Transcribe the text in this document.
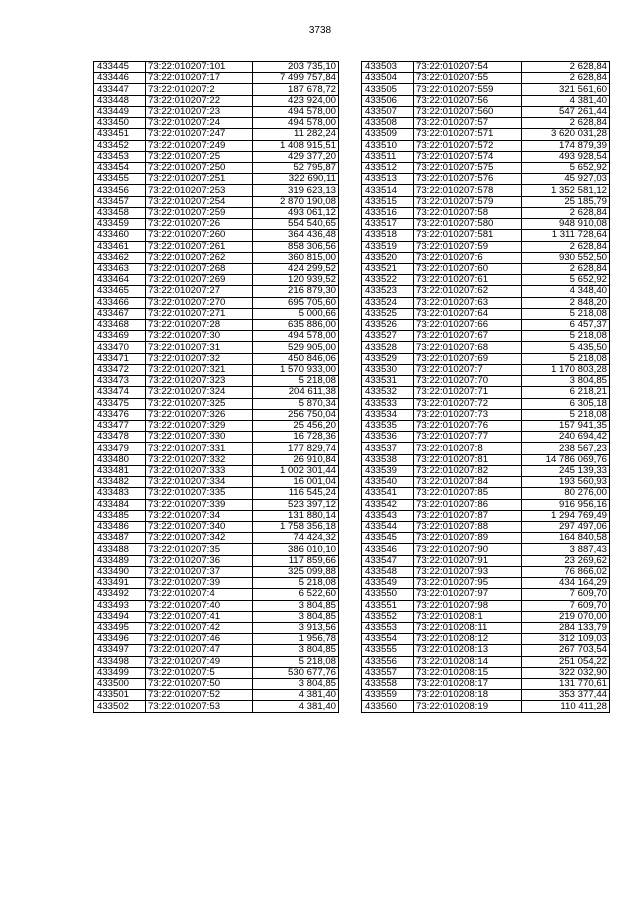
3738
433445	73:22:010207:101	203 735,10
433446	73:22:010207:17	7 499 757,84
433447	73:22:010207:2	187 678,72
433448	73:22:010207:22	423 924,00
433449	73:22:010207:23	494 578,00
433450	73:22:010207:24	494 578,00
433451	73:22:010207:247	11 282,24
433452	73:22:010207:249	1 408 915,51
433453	73:22:010207:25	429 377,20
433454	73:22:010207:250	52 795,87
433455	73:22:010207:251	322 690,11
433456	73:22:010207:253	319 623,13
433457	73:22:010207:254	2 870 190,08
433458	73:22:010207:259	493 061,12
433459	73:22:010207:26	554 540,65
433460	73:22:010207:260	364 436,48
433461	73:22:010207:261	858 306,56
433462	73:22:010207:262	360 815,00
433463	73:22:010207:268	424 299,52
433464	73:22:010207:269	120 939,52
433465	73:22:010207:27	216 879,30
433466	73:22:010207:270	695 705,60
433467	73:22:010207:271	5 000,66
433468	73:22:010207:28	635 886,00
433469	73:22:010207:30	494 578,00
433470	73:22:010207:31	529 905,00
433471	73:22:010207:32	450 846,06
433472	73:22:010207:321	1 570 933,00
433473	73:22:010207:323	5 218,08
433474	73:22:010207:324	204 611,38
433475	73:22:010207:325	5 870,34
433476	73:22:010207:326	256 750,04
433477	73:22:010207:329	25 456,20
433478	73:22:010207:330	16 728,36
433479	73:22:010207:331	177 829,74
433480	73:22:010207:332	26 910,84
433481	73:22:010207:333	1 002 301,44
433482	73:22:010207:334	16 001,04
433483	73:22:010207:335	116 545,24
433484	73:22:010207:339	523 397,12
433485	73:22:010207:34	131 880,14
433486	73:22:010207:340	1 758 356,18
433487	73:22:010207:342	74 424,32
433488	73:22:010207:35	386 010,10
433489	73:22:010207:36	117 859,66
433490	73:22:010207:37	325 099,88
433491	73:22:010207:39	5 218,08
433492	73:22:010207:4	6 522,60
433493	73:22:010207:40	3 804,85
433494	73:22:010207:41	3 804,85
433495	73:22:010207:42	3 913,56
433496	73:22:010207:46	1 956,78
433497	73:22:010207:47	3 804,85
433498	73:22:010207:49	5 218,08
433499	73:22:010207:5	530 677,76
433500	73:22:010207:50	3 804,85
433501	73:22:010207:52	4 381,40
433502	73:22:010207:53	4 381,40
433503	73:22:010207:54	2 628,84
433504	73:22:010207:55	2 628,84
433505	73:22:010207:559	321 561,60
433506	73:22:010207:56	4 381,40
433507	73:22:010207:560	547 261,44
433508	73:22:010207:57	2 628,84
433509	73:22:010207:571	3 620 031,28
433510	73:22:010207:572	174 879,39
433511	73:22:010207:574	493 928,54
433512	73:22:010207:575	5 652,92
433513	73:22:010207:576	45 927,03
433514	73:22:010207:578	1 352 581,12
433515	73:22:010207:579	25 185,79
433516	73:22:010207:58	2 628,84
433517	73:22:010207:580	948 910,08
433518	73:22:010207:581	1 311 728,64
433519	73:22:010207:59	2 628,84
433520	73:22:010207:6	930 552,50
433521	73:22:010207:60	2 628,84
433522	73:22:010207:61	5 652,92
433523	73:22:010207:62	4 348,40
433524	73:22:010207:63	2 848,20
433525	73:22:010207:64	5 218,08
433526	73:22:010207:66	6 457,37
433527	73:22:010207:67	5 218,08
433528	73:22:010207:68	5 435,50
433529	73:22:010207:69	5 218,08
433530	73:22:010207:7	1 170 803,28
433531	73:22:010207:70	3 804,85
433532	73:22:010207:71	6 218,21
433533	73:22:010207:72	6 305,18
433534	73:22:010207:73	5 218,08
433535	73:22:010207:76	157 941,35
433536	73:22:010207:77	240 694,42
433537	73:22:010207:8	238 567,23
433538	73:22:010207:81	14 786 069,76
433539	73:22:010207:82	245 139,33
433540	73:22:010207:84	193 560,93
433541	73:22:010207:85	80 276,00
433542	73:22:010207:86	916 956,16
433543	73:22:010207:87	1 294 769,49
433544	73:22:010207:88	297 497,06
433545	73:22:010207:89	164 840,58
433546	73:22:010207:90	3 887,43
433547	73:22:010207:91	23 269,62
433548	73:22:010207:93	76 866,02
433549	73:22:010207:95	434 164,29
433550	73:22:010207:97	7 609,70
433551	73:22:010207:98	7 609,70
433552	73:22:010208:1	219 070,00
433553	73:22:010208:11	284 133,79
433554	73:22:010208:12	312 109,03
433555	73:22:010208:13	267 703,54
433556	73:22:010208:14	251 054,22
433557	73:22:010208:15	322 032,90
433558	73:22:010208:17	131 770,61
433559	73:22:010208:18	353 377,44
433560	73:22:010208:19	110 411,28
